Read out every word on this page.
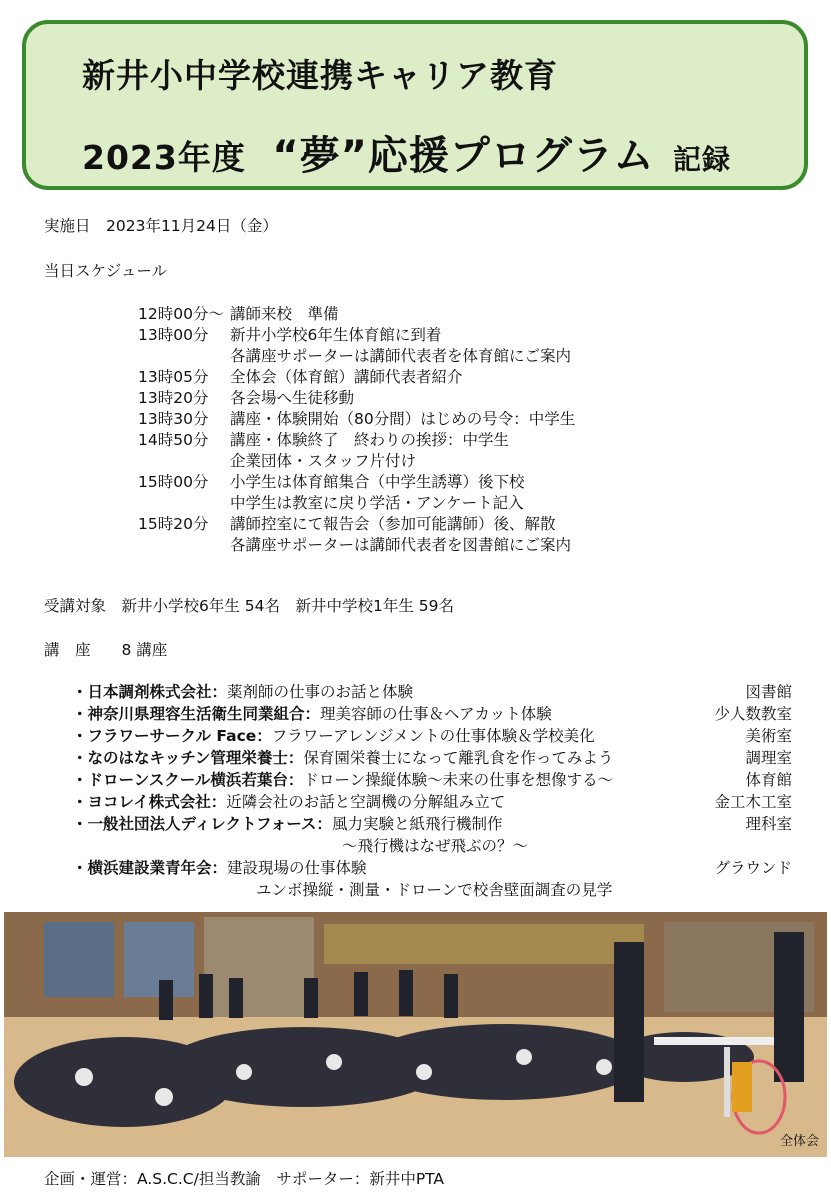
新井小中学校連携キャリア教育
2023年度 “夢”応援プログラム 記録
実施日　2023年11月24日（金）
当日スケジュール
12時00分～ 講師来校　準備
13時00分	新井小学校6年生体育館に到着
各講座サポーターは講師代表者を体育館にご案内
13時05分	全体会（体育館）講師代表者紹介
13時20分	各会場へ生徒移動
13時30分	講座・体験開始（80分間）はじめの号令：中学生
14時50分	講座・体験終了　終わりの挨拶：中学生
企業団体・スタッフ片付け
15時00分	小学生は体育館集合（中学生誘導）後下校
中学生は教室に戻り学活・アンケート記入
15時20分	講師控室にて報告会（参加可能講師）後、解散
各講座サポーターは講師代表者を図書館にご案内
受講対象　新井小学校6年生 54名　新井中学校1年生 59名
講　座　　8 講座
・日本調剤株式会社：薬剤師の仕事のお話と体験	図書館
・神奈川県理容生活衛生同業組合：理美容師の仕事＆ヘアカット体験	少人数教室
・フラワーサークル Face：フラワーアレンジメントの仕事体験＆学校美化	美術室
・なのはなキッチン管理栄養士：保育園栄養士になって離乳食を作ってみよう	調理室
・ドローンスクール横浜若葉台：ドローン操縦体験～未来の仕事を想像する～	体育館
・ヨコレイ株式会社：近隣会社のお話と空調機の分解組み立て	金工木工室
・一般社団法人ディレクトフォース：風力実験と紙飛行機制作	理科室
～飛行機はなぜ飛ぶの？～
・横浜建設業青年会：建設現場の仕事体験	グラウンド
ユンボ操縦・測量・ドローンで校舎壁面調査の見学
全体会
企画・運営：A.S.C.C/担当教諭　サポーター：新井中PTA
